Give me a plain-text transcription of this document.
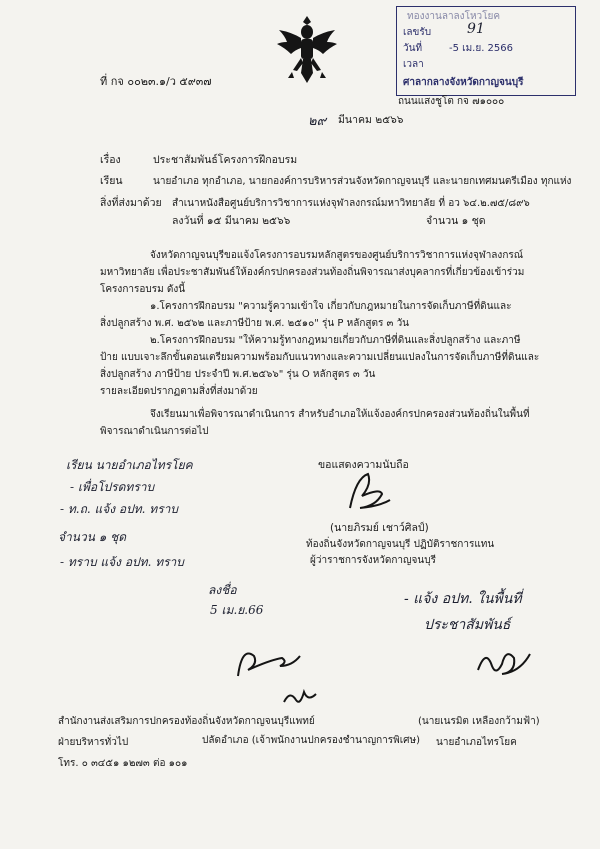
ทองงานลาลงโหวโยค
เลขรับ	91
วันที่	-5 เม.ย. 2566
เวลา
ศาลากลางจังหวัดกาญจนบุรี
ถนนแสงชูโต กจ ๗๑๐๐๐
ที่ กจ ๐๐๒๓.๑/ว ๕๙๓๗
๒๙ มีนาคม ๒๕๖๖
เรื่อง	ประชาสัมพันธ์โครงการฝึกอบรม
เรียน	นายอำเภอ ทุกอำเภอ, นายกองค์การบริหารส่วนจังหวัดกาญจนบุรี และนายกเทศมนตรีเมือง ทุกแห่ง
สิ่งที่ส่งมาด้วย สำเนาหนังสือศูนย์บริการวิชาการแห่งจุฬาลงกรณ์มหาวิทยาลัย ที่ อว ๖๔.๒.๗๕/๘๙๖
ลงวันที่ ๑๕ มีนาคม ๒๕๖๖	จำนวน ๑ ชุด
จังหวัดกาญจนบุรีขอแจ้งโครงการอบรมหลักสูตรของศูนย์บริการวิชาการแห่งจุฬาลงกรณ์
มหาวิทยาลัย เพื่อประชาสัมพันธ์ให้องค์กรปกครองส่วนท้องถิ่นพิจารณาส่งบุคลากรที่เกี่ยวข้องเข้าร่วม
โครงการอบรม ดังนี้
๑.โครงการฝึกอบรม "ความรู้ความเข้าใจ เกี่ยวกับกฎหมายในการจัดเก็บภาษีที่ดินและ
สิ่งปลูกสร้าง พ.ศ. ๒๕๖๒ และภาษีป้าย พ.ศ. ๒๕๑๐" รุ่น P หลักสูตร ๓ วัน
๒.โครงการฝึกอบรม "ให้ความรู้ทางกฎหมายเกี่ยวกับภาษีที่ดินและสิ่งปลูกสร้าง และภาษี
ป้าย แบบเจาะลึกขั้นตอนเตรียมความพร้อมกับแนวทางและความเปลี่ยนแปลงในการจัดเก็บภาษีที่ดินและ
สิ่งปลูกสร้าง ภาษีป้าย ประจำปี พ.ศ.๒๕๖๖" รุ่น O หลักสูตร ๓ วัน
รายละเอียดปรากฏตามสิ่งที่ส่งมาด้วย
จึงเรียนมาเพื่อพิจารณาดำเนินการ สำหรับอำเภอให้แจ้งองค์กรปกครองส่วนท้องถิ่นในพื้นที่
พิจารณาดำเนินการต่อไป
ขอแสดงความนับถือ
(นายภิรมย์ เชาว์ศิลป์)
ท้องถิ่นจังหวัดกาญจนบุรี ปฏิบัติราชการแทน
ผู้ว่าราชการจังหวัดกาญจนบุรี
เรียน นายอำเภอไทรโยค
- เพื่อโปรดทราบ
- ท.ถ. แจ้ง อปท. ทราบ
จำนวน ๑ ชุด
- ทราบ แจ้ง อปท. ทราบ
ลงชื่อ
5 เม.ย.66
- แจ้ง อปท. ในพื้นที่
ประชาสัมพันธ์
สำนักงานส่งเสริมการปกครองท้องถิ่นจังหวัดกาญจนบุรีแพทย์
ฝ่ายบริหารทั่วไป
โทร. ๐ ๓๔๕๑ ๑๒๗๓ ต่อ ๑๐๑
ปลัดอำเภอ (เจ้าพนักงานปกครองชำนาญการพิเศษ)
(นายเนรมิต เหลืองกว้ามฟ้า)
นายอำเภอไทรโยค
